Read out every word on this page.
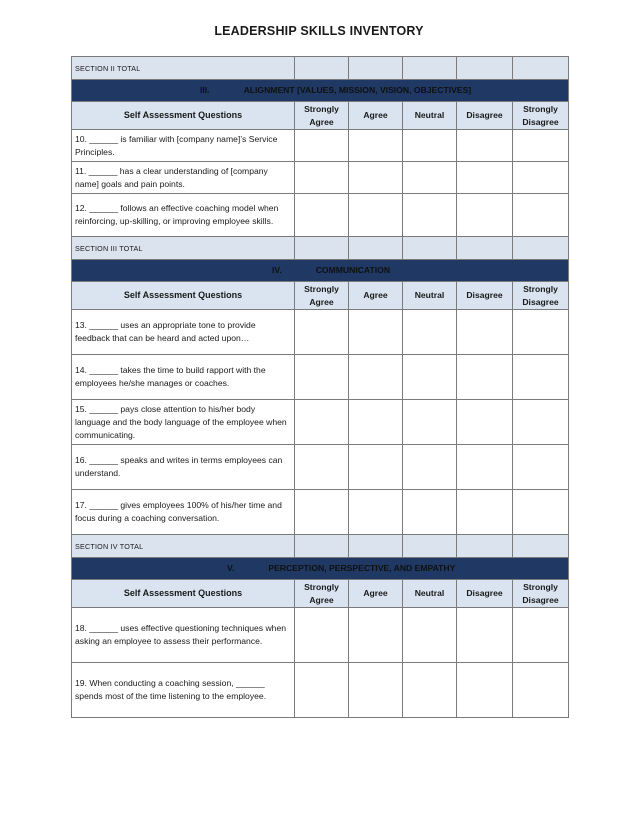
LEADERSHIP SKILLS INVENTORY
SECTION II TOTAL					
III. ALIGNMENT [VALUES, MISSION, VISION, OBJECTIVES]					
Self Assessment Questions	Strongly Agree	Agree	Neutral	Disagree	Strongly Disagree
10. ______ is familiar with [company name]’s Service Principles.					
11. ______ has a clear understanding of [company name] goals and pain points.					
12. ______ follows an effective coaching model when reinforcing, up-skilling, or improving employee skills.					
SECTION III TOTAL					
IV. COMMUNICATION					
Self Assessment Questions	Strongly Agree	Agree	Neutral	Disagree	Strongly Disagree
13. ______ uses an appropriate tone to provide feedback that can be heard and acted upon…					
14. ______ takes the time to build rapport with the employees he/she manages or coaches.					
15. ______ pays close attention to his/her body language and the body language of the employee when communicating.					
16. ______ speaks and writes in terms employees can understand.					
17. ______ gives employees 100% of his/her time and focus during a coaching conversation.					
SECTION IV TOTAL					
V. PERCEPTION, PERSPECTIVE, AND EMPATHY					
Self Assessment Questions	Strongly Agree	Agree	Neutral	Disagree	Strongly Disagree
18. ______ uses effective questioning techniques when asking an employee to assess their performance.					
19. When conducting a coaching session, ______ spends most of the time listening to the employee.					
